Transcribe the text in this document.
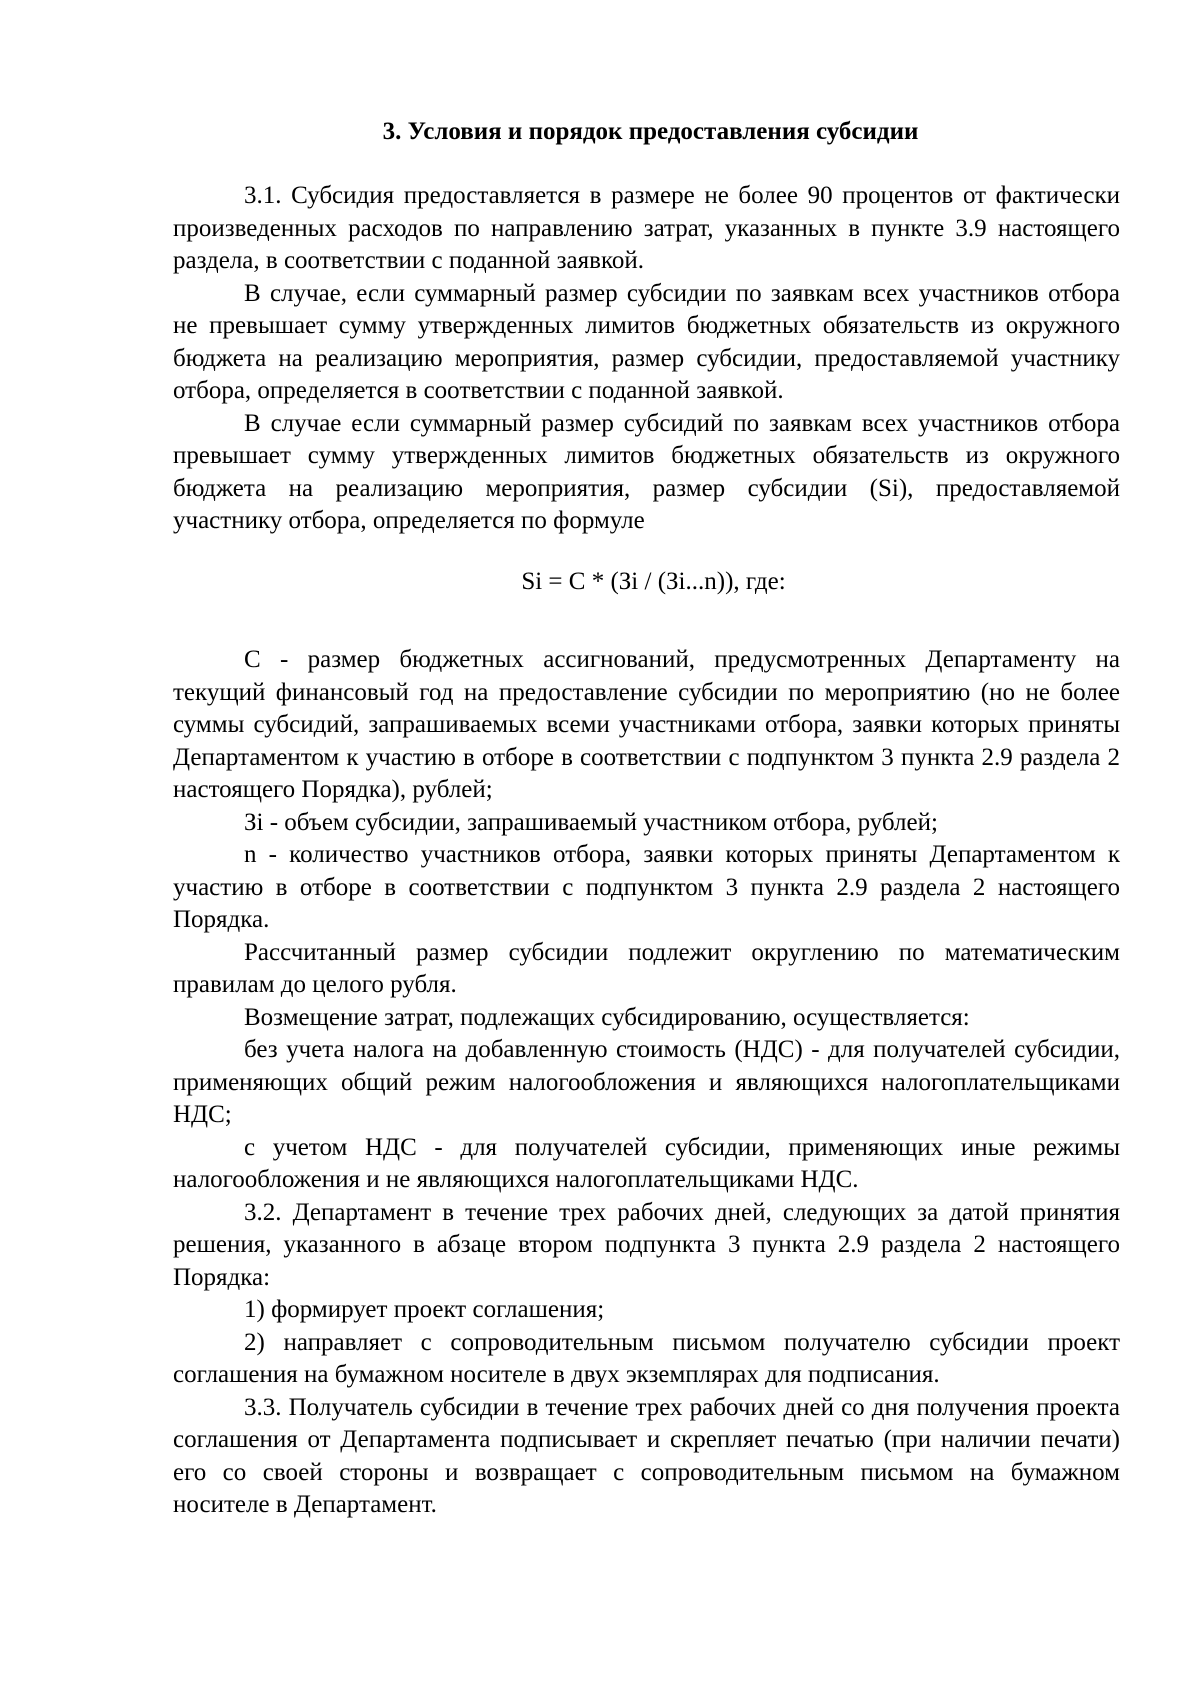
3. Условия и порядок предоставления субсидии

3.1. Субсидия предоставляется в размере не более 90 процентов от фактически произведенных расходов по направлению затрат, указанных в пункте 3.9 настоящего раздела, в соответствии с поданной заявкой.

В случае, если суммарный размер субсидии по заявкам всех участников отбора не превышает сумму утвержденных лимитов бюджетных обязательств из окружного бюджета на реализацию мероприятия, размер субсидии, предоставляемой участнику отбора, определяется в соответствии с поданной заявкой.

В случае если суммарный размер субсидий по заявкам всех участников отбора превышает сумму утвержденных лимитов бюджетных обязательств из окружного бюджета на реализацию мероприятия, размер субсидии (Si), предоставляемой участнику отбора, определяется по формуле

Si = C * (Зi / (Зi...n)), где:

C - размер бюджетных ассигнований, предусмотренных Департаменту на текущий финансовый год на предоставление субсидии по мероприятию (но не более суммы субсидий, запрашиваемых всеми участниками отбора, заявки которых приняты Департаментом к участию в отборе в соответствии с подпунктом 3 пункта 2.9 раздела 2 настоящего Порядка), рублей;

Зi - объем субсидии, запрашиваемый участником отбора, рублей;

n - количество участников отбора, заявки которых приняты Департаментом к участию в отборе в соответствии с подпунктом 3 пункта 2.9 раздела 2 настоящего Порядка.

Рассчитанный размер субсидии подлежит округлению по математическим правилам до целого рубля.

Возмещение затрат, подлежащих субсидированию, осуществляется:

без учета налога на добавленную стоимость (НДС) - для получателей субсидии, применяющих общий режим налогообложения и являющихся налогоплательщиками НДС;

с учетом НДС - для получателей субсидии, применяющих иные режимы налогообложения и не являющихся налогоплательщиками НДС.

3.2. Департамент в течение трех рабочих дней, следующих за датой принятия решения, указанного в абзаце втором подпункта 3 пункта 2.9 раздела 2 настоящего Порядка:

1) формирует проект соглашения;

2) направляет с сопроводительным письмом получателю субсидии проект соглашения на бумажном носителе в двух экземплярах для подписания.

3.3. Получатель субсидии в течение трех рабочих дней со дня получения проекта соглашения от Департамента подписывает и скрепляет печатью (при наличии печати) его со своей стороны и возвращает с сопроводительным письмом на бумажном носителе в Департамент.
